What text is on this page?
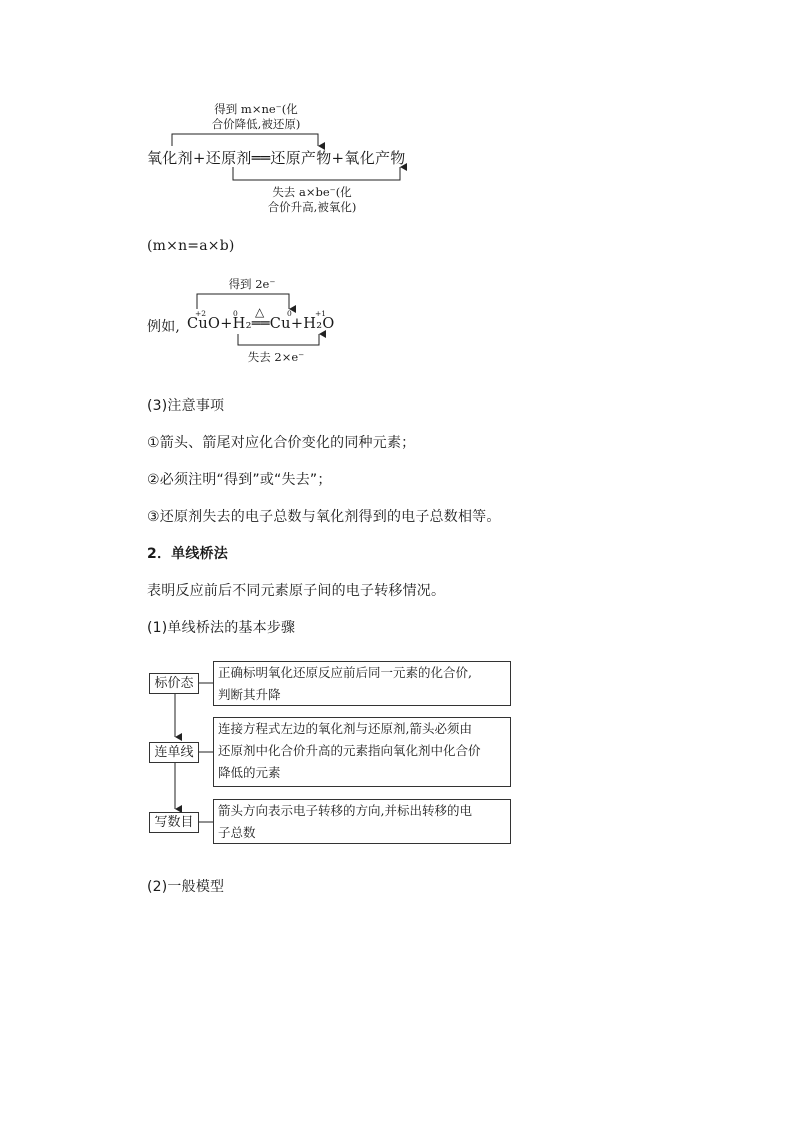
得到 m×ne⁻(化
合价降低,被还原)
氧化剂+还原剂══还原产物+氧化产物
失去 a×be⁻(化
合价升高,被氧化)
(m×n=a×b)
得到 2e⁻
+2	0	0	+1
△
例如, CuO+H₂══Cu+H₂O
失去 2×e⁻
(3)注意事项
①箭头、箭尾对应化合价变化的同种元素；
②必须注明“得到”或“失去”；
③还原剂失去的电子总数与氧化剂得到的电子总数相等。
2．单线桥法
表明反应前后不同元素原子间的电子转移情况。
(1)单线桥法的基本步骤
标价态
正确标明氧化还原反应前后同一元素的化合价,
判断其升降
连单线
连接方程式左边的氧化剂与还原剂,箭头必须由
还原剂中化合价升高的元素指向氧化剂中化合价
降低的元素
写数目
箭头方向表示电子转移的方向,并标出转移的电
子总数
(2)一般模型
